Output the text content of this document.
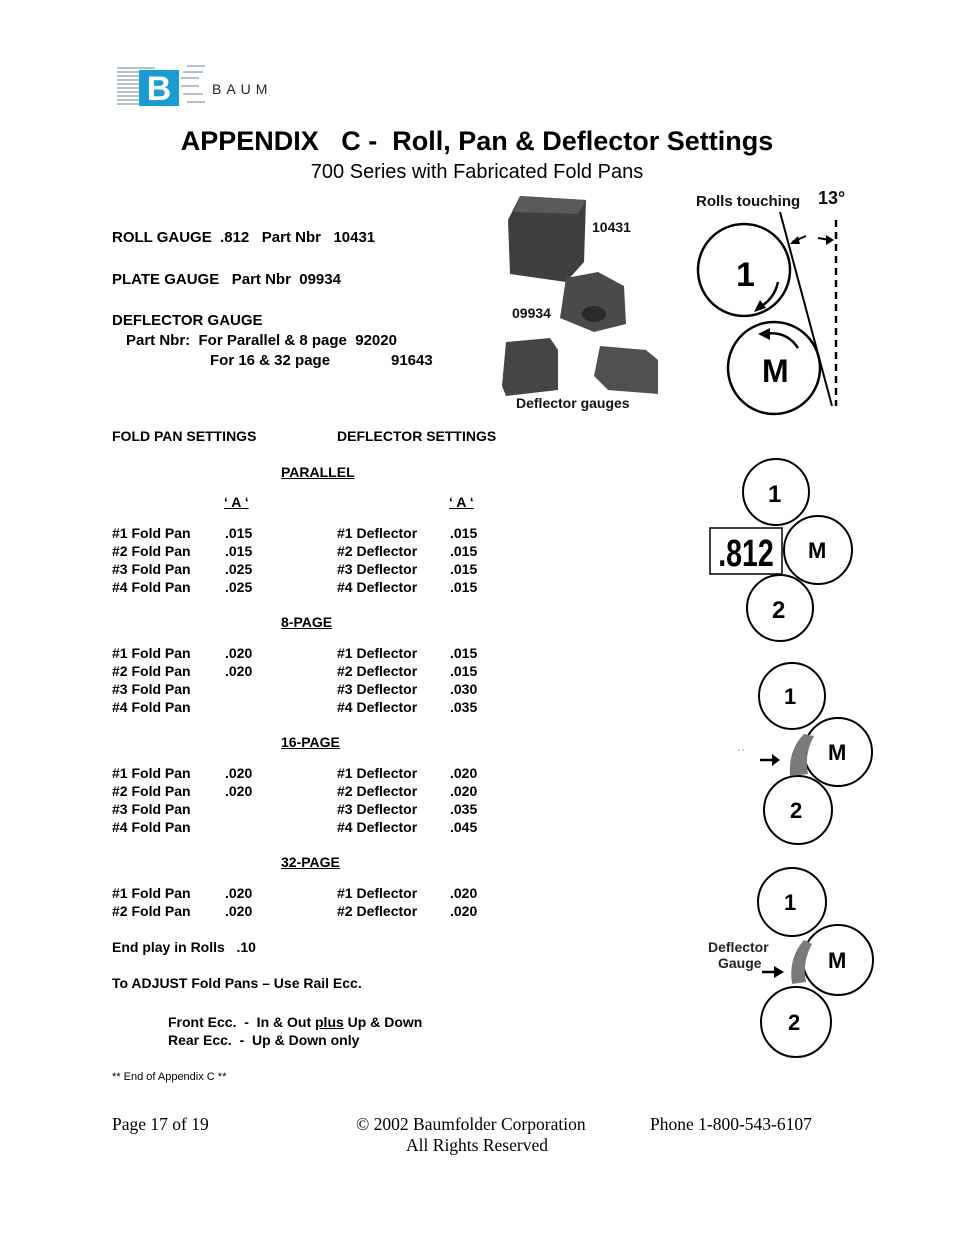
B	BAUM
APPENDIX   C -  Roll, Pan & Deflector Settings
700 Series with Fabricated Fold Pans
ROLL GAUGE  .812   Part Nbr   10431
PLATE GAUGE   Part Nbr  09934
DEFLECTOR GAUGE
Part Nbr:  For Parallel & 8 page  92020
For 16 & 32 page	91643
10431
09934
Deflector gauges
Rolls touching 13°
1
M
FOLD PAN SETTINGS	DEFLECTOR SETTINGS
PARALLEL
‘ A ‘	‘ A ‘
#1 Fold Pan .015	#1 Deflector .015
#2 Fold Pan .015	#2 Deflector .015
#3 Fold Pan .025	#3 Deflector .015
#4 Fold Pan .025	#4 Deflector .015
8-PAGE
#1 Fold Pan .020	#1 Deflector .015
#2 Fold Pan .020	#2 Deflector .015
#3 Fold Pan	#3 Deflector .030
#4 Fold Pan	#4 Deflector .035
16-PAGE
#1 Fold Pan .020	#1 Deflector .020
#2 Fold Pan .020	#2 Deflector .020
#3 Fold Pan	#3 Deflector .035
#4 Fold Pan	#4 Deflector .045
32-PAGE
#1 Fold Pan .020	#1 Deflector .020
#2 Fold Pan .020	#2 Deflector .020
End play in Rolls   .10
To ADJUST Fold Pans – Use Rail Ecc.
Front Ecc.  -  In & Out plus Up & Down
Rear Ecc.  -  Up & Down only
** End of Appendix C **
1
M
2
.812
1
M
2
Deflector
Gauge
1
M
2
Page 17 of 19	© 2002 Baumfolder Corporation
All Rights Reserved
Phone 1-800-543-6107
